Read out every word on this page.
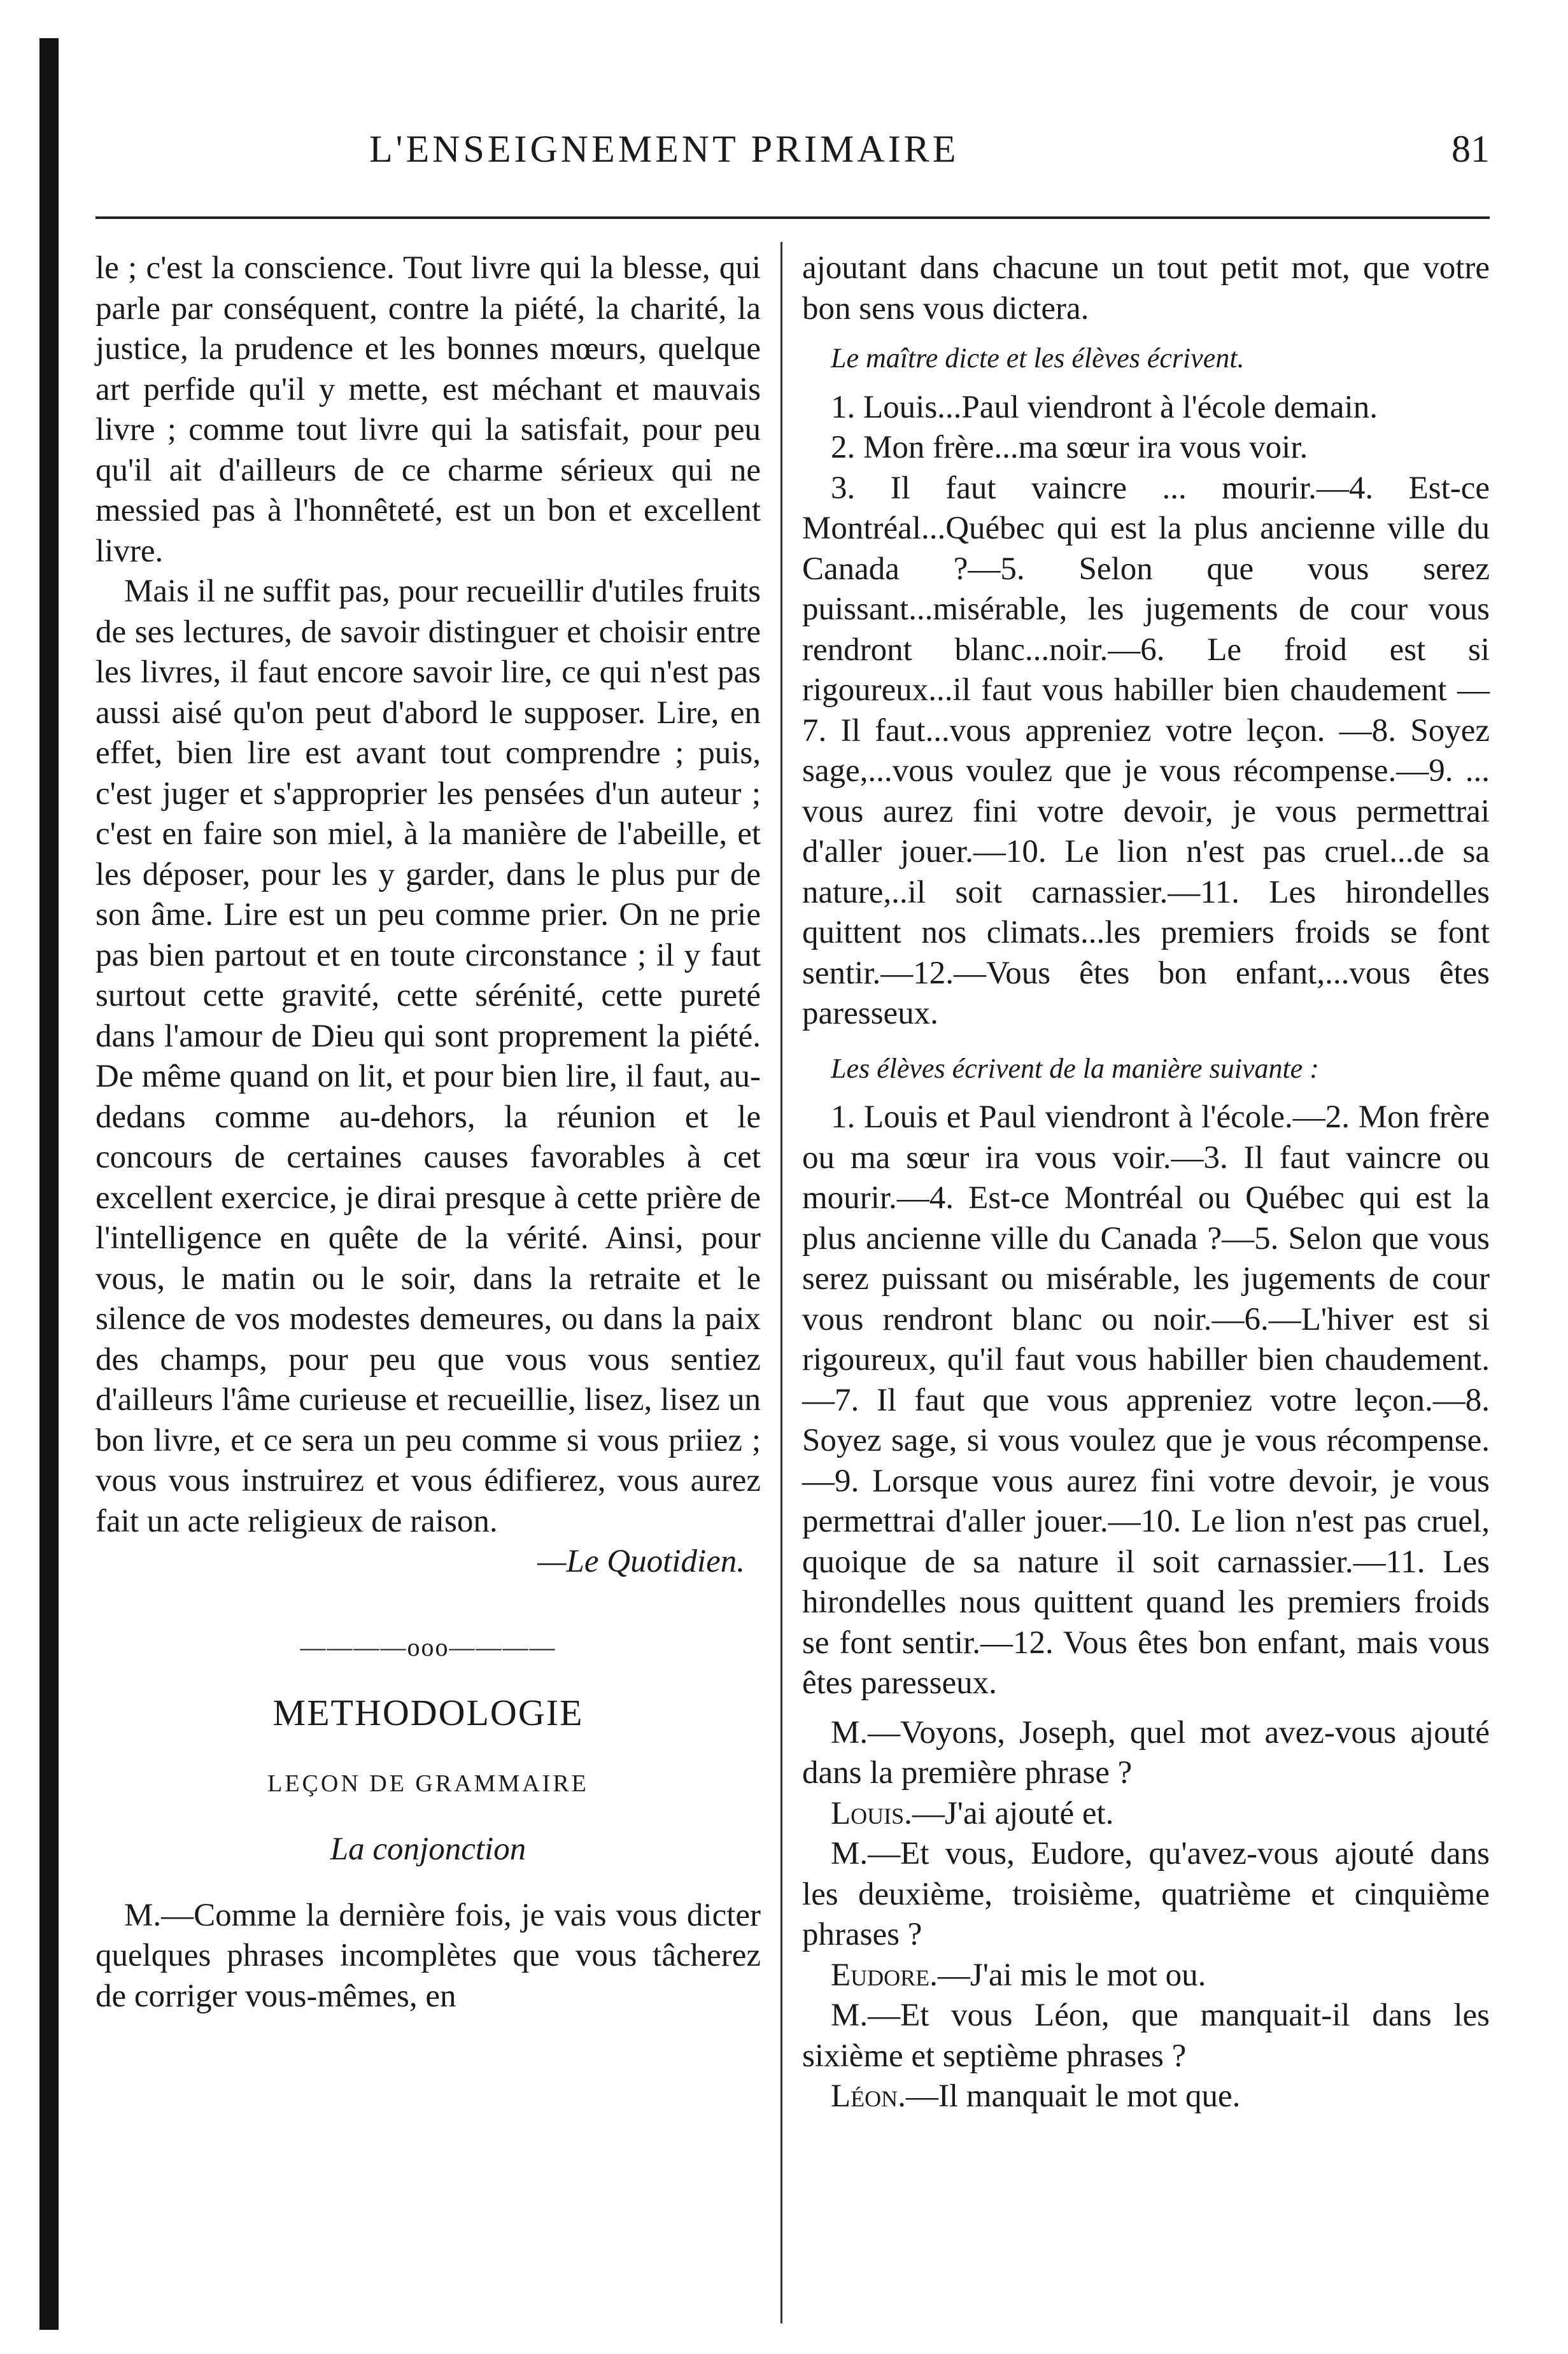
L'ENSEIGNEMENT PRIMAIRE	81

le ; c'est la conscience. Tout livre qui la blesse, qui parle par conséquent, contre la piété, la charité, la justice, la prudence et les bonnes mœurs, quelque art perfide qu'il y mette, est méchant et mauvais livre ; comme tout livre qui la satisfait, pour peu qu'il ait d'ailleurs de ce charme sérieux qui ne messied pas à l'honnêteté, est un bon et excellent livre.

Mais il ne suffit pas, pour recueillir d'utiles fruits de ses lectures, de savoir distinguer et choisir entre les livres, il faut encore savoir lire, ce qui n'est pas aussi aisé qu'on peut d'abord le supposer. Lire, en effet, bien lire est avant tout comprendre ; puis, c'est juger et s'approprier les pensées d'un auteur ; c'est en faire son miel, à la manière de l'abeille, et les déposer, pour les y garder, dans le plus pur de son âme. Lire est un peu comme prier. On ne prie pas bien partout et en toute circonstance ; il y faut surtout cette gravité, cette sérénité, cette pureté dans l'amour de Dieu qui sont proprement la piété. De même quand on lit, et pour bien lire, il faut, au-dedans comme au-dehors, la réunion et le concours de certaines causes favorables à cet excellent exercice, je dirai presque à cette prière de l'intelligence en quête de la vérité. Ainsi, pour vous, le matin ou le soir, dans la retraite et le silence de vos modestes demeures, ou dans la paix des champs, pour peu que vous vous sentiez d'ailleurs l'âme curieuse et recueillie, lisez, lisez un bon livre, et ce sera un peu comme si vous priiez ; vous vous instruirez et vous édifierez, vous aurez fait un acte religieux de raison.

—Le Quotidien.

————ooo————

METHODOLOGIE

LEÇON DE GRAMMAIRE

La conjonction

M.—Comme la dernière fois, je vais vous dicter quelques phrases incomplètes que vous tâcherez de corriger vous-mêmes, en

ajoutant dans chacune un tout petit mot, que votre bon sens vous dictera.

Le maître dicte et les élèves écrivent.

1. Louis...Paul viendront à l'école demain.

2. Mon frère...ma sœur ira vous voir.

3. Il faut vaincre ... mourir.—4. Est-ce Montréal...Québec qui est la plus ancienne ville du Canada ?—5. Selon que vous serez puissant...misérable, les jugements de cour vous rendront blanc...noir.—6. Le froid est si rigoureux...il faut vous habiller bien chaudement —7. Il faut...vous appreniez votre leçon. —8. Soyez sage,...vous voulez que je vous récompense.—9. ... vous aurez fini votre devoir, je vous permettrai d'aller jouer.—10. Le lion n'est pas cruel...de sa nature,..il soit carnassier.—11. Les hirondelles quittent nos climats...les premiers froids se font sentir.—12.—Vous êtes bon enfant,...vous êtes paresseux.

Les élèves écrivent de la manière suivante :

1. Louis et Paul viendront à l'école.—2. Mon frère ou ma sœur ira vous voir.—3. Il faut vaincre ou mourir.—4. Est-ce Montréal ou Québec qui est la plus ancienne ville du Canada ?—5. Selon que vous serez puissant ou misérable, les jugements de cour vous rendront blanc ou noir.—6.—L'hiver est si rigoureux, qu'il faut vous habiller bien chaudement.—7. Il faut que vous appreniez votre leçon.—8. Soyez sage, si vous voulez que je vous récompense.—9. Lorsque vous aurez fini votre devoir, je vous permettrai d'aller jouer.—10. Le lion n'est pas cruel, quoique de sa nature il soit carnassier.—11. Les hirondelles nous quittent quand les premiers froids se font sentir.—12. Vous êtes bon enfant, mais vous êtes paresseux.

M.—Voyons, Joseph, quel mot avez-vous ajouté dans la première phrase ?

Louis.—J'ai ajouté et.

M.—Et vous, Eudore, qu'avez-vous ajouté dans les deuxième, troisième, quatrième et cinquième phrases ?

Eudore.—J'ai mis le mot ou.

M.—Et vous Léon, que manquait-il dans les sixième et septième phrases ?

Léon.—Il manquait le mot que.
